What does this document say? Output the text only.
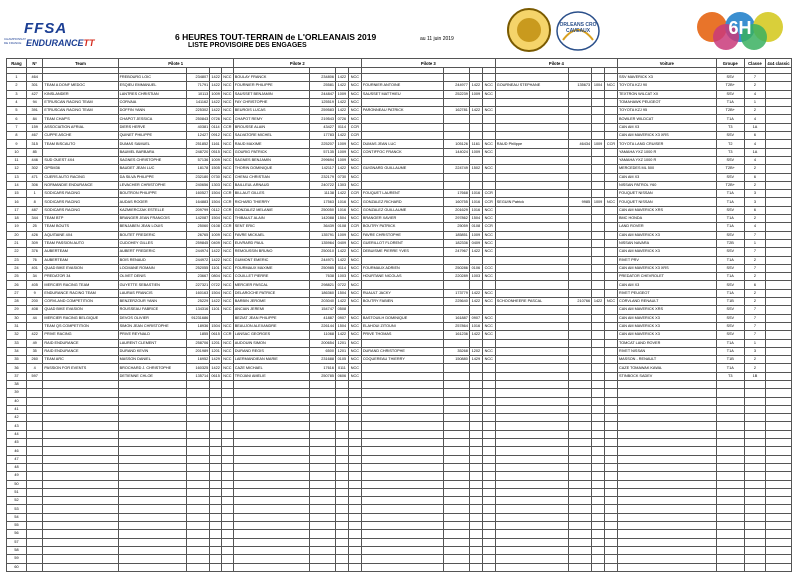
FFSA
CHAMPIONNAT DE FRANCE ENDURANCETT
6 HEURES TOUT-TERRAIN de L'ORLEANAIS 2019
LISTE PROVISOIRE DES ENGAGES
au 11 juin 2019
ORLEANS CRO CAVEAUX	6H
Rang	N°	Team	Pilote 1				Pilote 2				Pilote 3				Pilote 4				Voiture	Groupe	Classe	4x4 classic

1	464		FREBOURG LOIC	234807	1422	NCC	BOULAY FRANCK	234806	1422	NCC									SSV MAVERICK X3	SSV	7	
2	301	TEAM A DONF MEDOC	ESQIEU EMMANUEL	71791	1422	NCC	FOURNIER PHILIPPE	25581	1422	NCC	FOURNIER ANTOINE	244977	1422	NCC	GOURNEAU STEPHANE	135673	1004	NCC	TOYOTA KZJ 90	T2B+	2	
3	427	KINSLANDER	LANTRES CHRISTIAN	10113	1009	NCC	SAUSSET BENJAMIN	244847	1009	NCC	SAUSSET MATTHIEU	252239	1009	NCC					TEXTRON WILCAT XX	SSV	4	
4	94	ETRUSCAN RACING TEAM	CORVAIA	141162	1422	NCC	FAY CHRISTOPHE	125519	1422	NCC									TOMAHAWK PEUGEOT	T1A	1	
5	391	ETRUSCAN RACING TEAM	DOFFIN YANN	225302	1422	NCC	BEUROIS LUCAS	259583	1422	NCC	PARONNEAU PATRICK	162781	1422	NCC					TOYOTA KZJ 95	T2B+	2	
6	84	TEAM CHAP'S	CHAPOT JESSICA	250843	0726	NCC	CHAPOT REMY	219543	0726	NCC									BOWLER WILDCAT	T1A	4	
7	159	ASSOCIATION AFRIAL	DIERS HERVE	40381	0114	CCR	BROUSSE ALAIN	43427	0114	CCR									CAN AM X3	T3	1A	
8	467	CUPPE ASCHE	QUINET PHILIPPE	12427	0912	NCC	SALVATORE MICHEL	17783	1422	CCR									CAN AM MAVERICK X3 XRS	SSV	6	
9	315	TEAM BISCAUTO	DUMAS SAMUEL	251852	1161	NCC	RAUD MAXIME	225207	1009	NCC	DUMAS JEAN LUC	105126	1161	NCC	RAUD Philippe	46434	1009	CCR	TOYOTA LAND CRUISER	T2	4	
10	85		BAUMEL BARBARA	248720	0515	NCC	GOURIG PATRICK	57135	1009	NCC	CONTIFFOC FRANCK	144024	1009	NCC					YAMAHA YXZ 1000 R	T3	1A	
11	446	SUD OUEST 4X4	SAGNES CHRISTOPHE	57136	1009	NCC	SAGNES BENJAMIN	299694	1009	NCC									YAMAHA YXZ 1000 R	SSV	4	
12	302	GPSM36	BAUDET JEAN LUC	18178	1505	NCC	THORIN DOMINIQUE	142117	1422	NCC	GUIGNARD GUILLAUME	224749	1502	NCC					MERCEDES ML 500	T2B+	2	
13	471	CUERS AUTO RACING	DA SILVA PHILIPPE	232180	0730	NCC	CHENU CHRISTIAN	232179	0730	NCC									CAN AM X3	SSV	6	
14	306	NORMANDIE ENDURANCE	LEVACHER CHRISTOPHE	240656	1303	NCC	BAILLEUL ARNAUD	240722	1303	NCC									NISSAN PATROL Y60	T2B+	2	
15	1	SODICARS RACING	BOUTRON PHILIPPE	160527	1504	CCR	BILLAUT GILLES	11138	1422	CCR	FOUQUET LAURENT	17668	1016	CCR					FOUQUET NISSAN	T1A	3	
16	8	SODICARS RACING	AUDAS ROGER	164883	1504	CCR	RICHARD THIERRY	17563	1016	NCC	GONZALEZ RICHARD	160755	1016	CCR	SEGUIN Patrick	9985	1009	NCC	FOUQUET NISSAN	T1A	3	
17	487	SODICARS RACING	KAZMIERCZAK ESTELLE	209799	0112	CCR	GONZALEZ MELANIE	250050	1016	NCC	GONZALEZ GUILLAUME	201629	1016	NCC					CAN AM MAVERICK XRS	SSV	6	
18	344	TEAM BTP	BRANGER JEAN FRANCOIS	142087	1504	NCC	THIBAULT ALAIN	142088	1504	NCC	BRANGER XAVIER	297862	1504	NCC					BMC HONDA	T1A	2	
19	25	TEAM BOUTS	BENJABEN JEAN LOUIS	25060	0108	CCR	SENT ERIC	36439	0108	CCR	BOUTRY PATRICK	25059	0108	CCR					LAND ROVER	T1A	4	
20	426	AQUITAINE 4X4	BOUTET FREDERIC	26765	1009	NCC	FAVRE MICKAEL	135791	1009	NCC	FAVRE CHRISTOPHE	185851	1009	NCC					CAN AM MAVERICK X3	SSV	7	
21	309	TEAM PASSION AUTO	CUDOHEY GILLES	259845	0409	NCC	EUVRARD PAUL	135964	0409	NCC	GUERILLOT FLORENT	182336	0409	NCC					NISSAN NAVARA	T2B	1	
22	376	AUBERTEAM	AUBERT FREDERIC	244974	1422	NCC	REMOUSSIN BRUNO	250010	1422	NCC	DEBUISME PIERRE YVES	247967	1422	NCC					CAN AM MAVERICK X3	SSV	7	
23	76	AUBERTEAM	BOIS RENAUD	244972	1422	NCC	GUIMONT EMERIC	244971	1422	NCC									RIVET PRV	T1A	2	
24	401	QUAD BIKE EVASION	LOCMANE ROMAIN	252055	1101	NCC	FOURMAUX MAXIME	250985	0114	NCC	FOURMAUX ADRIEN	250286	0106	CCC					CAN AM MAVERICK X3 XRS	SSV	7	
25	34	PREDATOR 34	OLIVET DENIS	23667	0804	NCC	COUILLET PIERRE	7638	1003	NCC	HOURTANE NICOLAS	220289	1003	NCC					PREDATOR CHEVROLET	T1A	2	
26	405	MERCIER RACING TEAM	GUYETTE SEBASTIEN	227321	0722	NCC	MERCIER PASCAL	298821	0722	NCC									CAN AM X3	SSV	6	
27	9	ENDURANCE RACING TEAM	LAURAS FRANCIS	160163	1504	NCC	DELAROCHE PATRICE	186360	1504	NCC	RUAULT JACKY	173779	1422	NCC					RIVET PEUGEOT	T1A	2	
28	200	CORVLAND COMPETITION	BENZERZOUR YANN	25229	1422	NCC	BARBIN JEROME	203040	1422	NCC	BOUTRY FABIEN	225640	1422	NCC	SCHOONHEERE PASCAL	210766	1422	NCC	CORVLAND RENAULT	T1B	2	
29	408	QUAD BIKE EVASION	ROUSSEAU FABRICE	134316	1101	NCC	ANCIAN JEREMI	154747	0508										CAN AM MAVERICK XRS	SSV	7	
30	44	MERCIER RACING BELGIQUE	DEVOS OLIVIER	91231686			BEZIAT JEAN PHILIPPE	41887	0907	NCC	BASTOUILH DOMINIQUE	161887	0907	NCC					CAN AM MAVERICK X3	SSV	7	
31		TEAM QS COMPETITION	SIMON JEAN CHRISTOPHE	18936	1504	NCC	BEAUJON ALEXANDRE	226144	1504	NCC	ELAHOUI ZITOUNI	257864	1016	NCC					CAN AM MAVERICK X3	SSV	7	
32	422	PRIVE RACING	PRIVE REYNALD	1855	0615	CCR	LANSAC GEORGES	11068	1422	NCC	PRIVE THOMAS	161236	1422	NCC					CAN AM MAVERICK X3	SSV	7	
33	49	RAID ENDURANCE	LAURENT CLEMENT	258706	1201	NCC	AUDOUIN SIMON	200654	1201	NCC									TOMCAT LAND ROVER	T1A	1	
34	35	RAID ENDURANCE	DURAND KEVIN	201989	1201	NCC	DURAND REGIS	6500	1201	NCC	DURAND CHRISTOPHE	35268	1202	NCC					RIVET NISSAN	T1A	3	
35	260	TEAM ARC	MASSON DANIEL	16952	1429	NCC	LAERMANDIEAN MARIE	231688	0105	NCC	COQUEREAU THIERRY	150880	1429	NCC					MASSON - RENAULT	T1B	2	
36	4	PASSION FOR EVENTS	BROCHARD J. CHRISTOPHE	160325	1422	NCC	CAZE MICHAEL	17616	0111	NCC									CAZE TOMAWAK KAWA.	T1A	2	
37	597		DETIENNE CHLOE	135714	0615	NCC	TROJANI AMELIE	250785	0606	NCC									STINBOCK SADEV	T3	1B	
38																						
39																						
40																						
41																						
42																						
43																						
44																						
45																						
46																						
47																						
48																						
49																						
50																						
51																						
52																						
53																						
54																						
55																						
56																						
57																						
58																						
59																						
60																						
